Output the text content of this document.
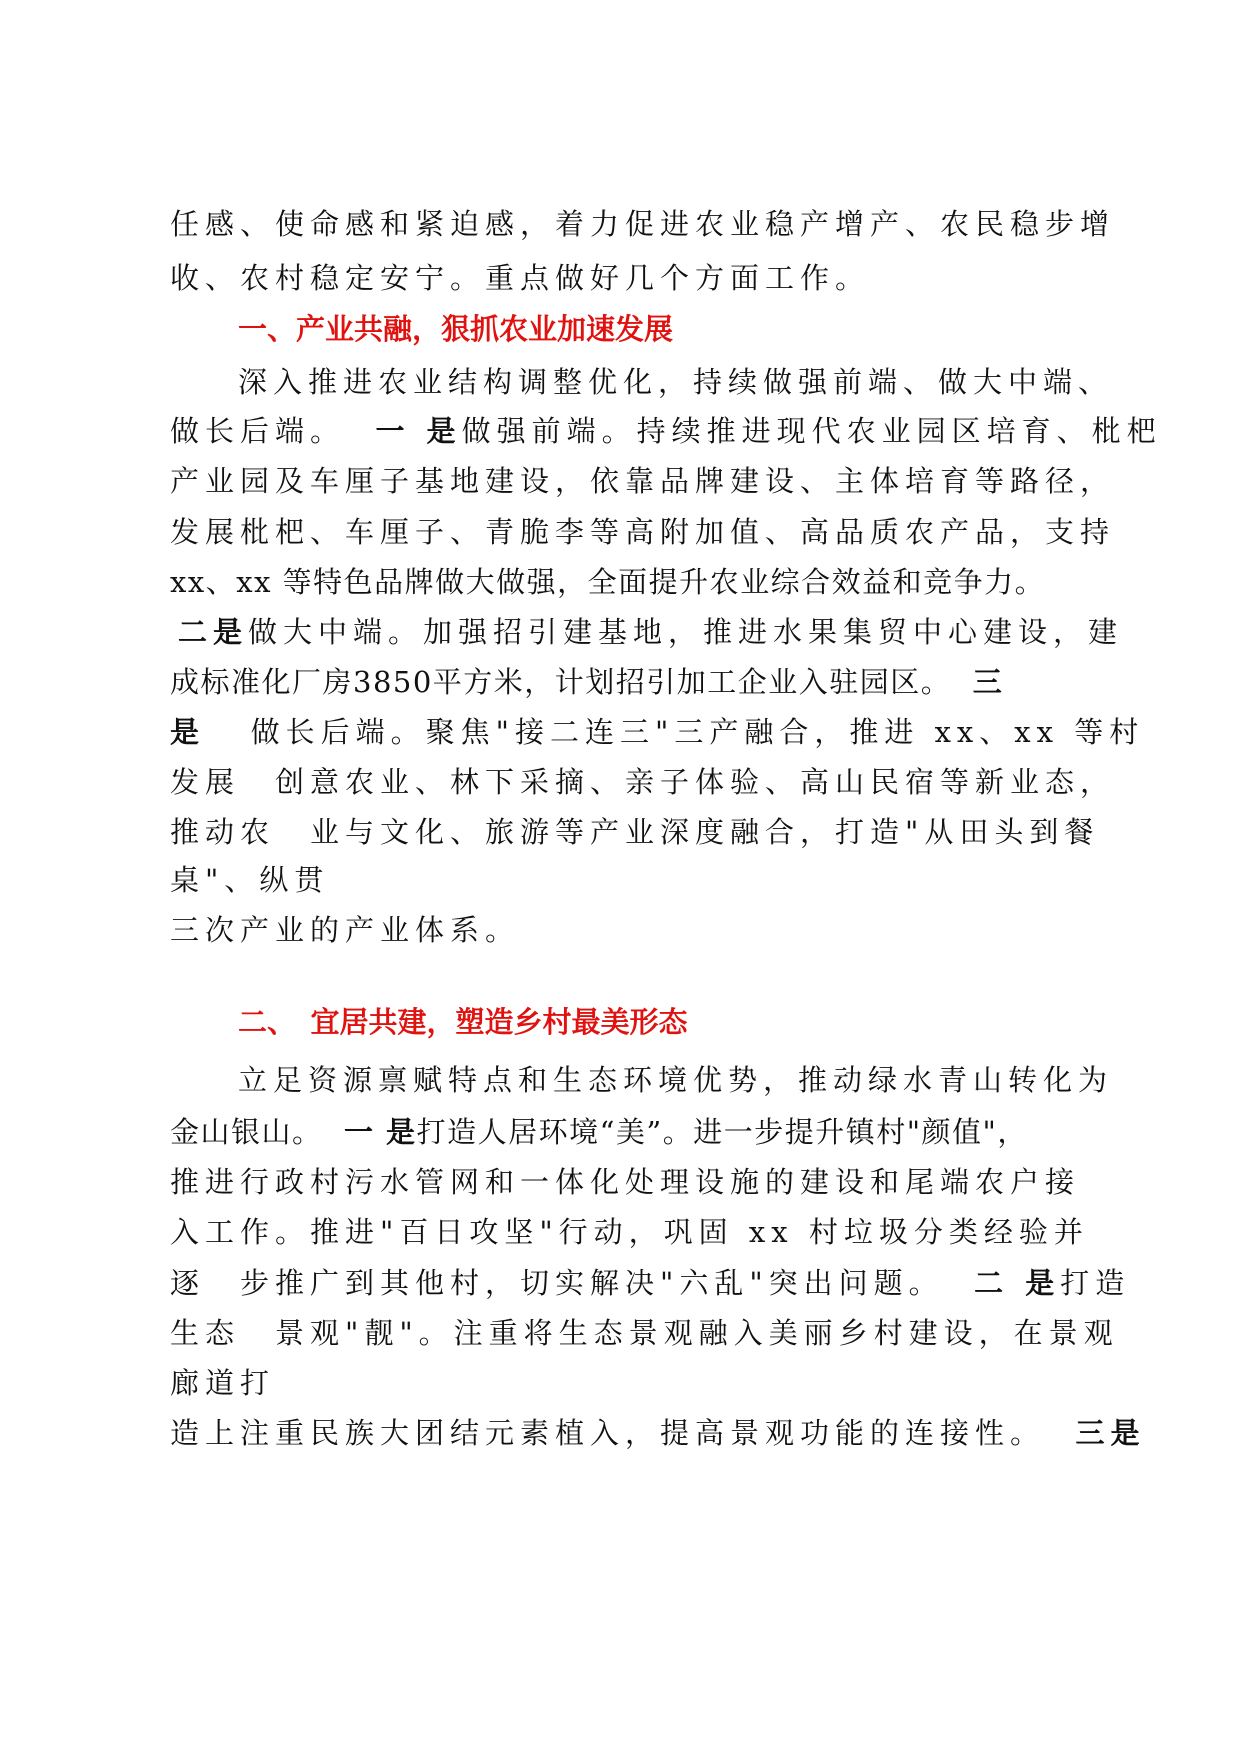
任感、使命感和紧迫感，着力促进农业稳产增产、农民稳步增
收、农村稳定安宁。重点做好几个方面工作。
一、产业共融，狠抓农业加速发展
深入推进农业结构调整优化，持续做强前端、做大中端、
做长后端。 一 是做强前端。持续推进现代农业园区培育、枇杷
产业园及车厘子基地建设，依靠品牌建设、主体培育等路径，
发展枇杷、车厘子、青脆李等高附加值、高品质农产品，支持
xx、xx 等特色品牌做大做强，全面提升农业综合效益和竞争力。
二是做大中端。加强招引建基地，推进水果集贸中心建设，建
成标准化厂房3850平方米，计划招引加工企业入驻园区。 三
是 做长后端。聚焦"接二连三"三产融合，推进 xx、xx 等村
发展　创意农业、林下采摘、亲子体验、高山民宿等新业态，
推动农　业与文化、旅游等产业深度融合，打造"从田头到餐
桌"、纵贯
三次产业的产业体系。
二、　宜居共建，塑造乡村最美形态
立足资源禀赋特点和生态环境优势，推动绿水青山转化为
金山银山。 一 是打造人居环境“美”。进一步提升镇村"颜值"，
推进行政村污水管网和一体化处理设施的建设和尾端农户接
入工作。推进"百日攻坚"行动，巩固 xx 村垃圾分类经验并
逐　步推广到其他村，切实解决"六乱"突出问题。 二 是打造
生态　景观"靓"。注重将生态景观融入美丽乡村建设，在景观
廊道打
造上注重民族大团结元素植入，提高景观功能的连接性。 三是
